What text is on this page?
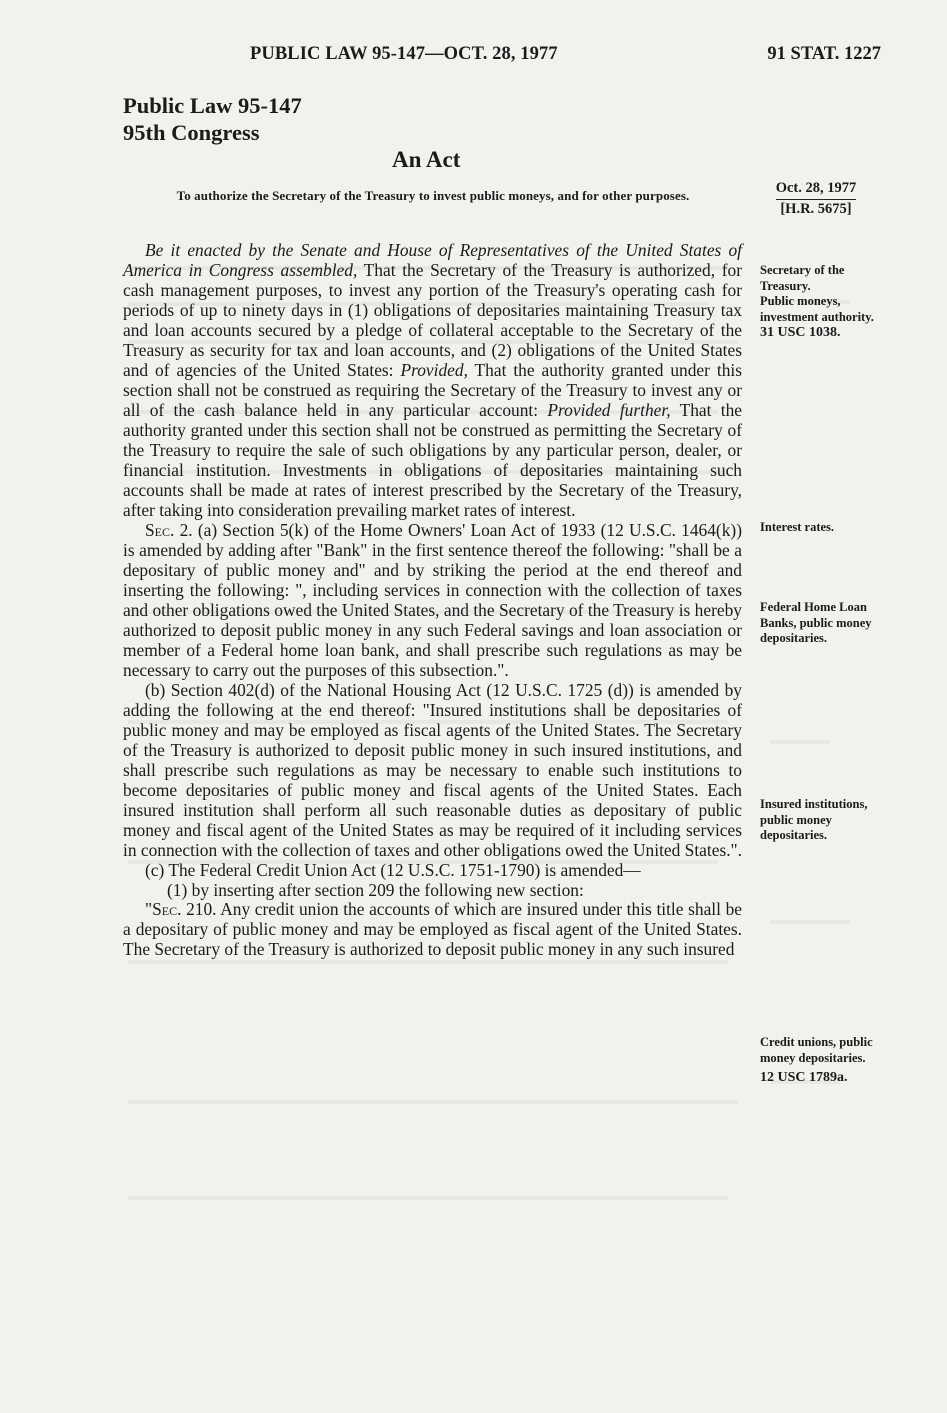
PUBLIC LAW 95-147—OCT. 28, 1977	91 STAT. 1227
Public Law 95-147
95th Congress
An Act
To authorize the Secretary of the Treasury to invest public moneys, and for other purposes.	Oct. 28, 1977
[H.R. 5675]

Be it enacted by the Senate and House of Representatives of the United States of America in Congress assembled, That the Secretary of the Treasury is authorized, for cash management purposes, to invest any portion of the Treasury's operating cash for periods of up to ninety days in (1) obligations of depositaries maintaining Treasury tax and loan accounts secured by a pledge of collateral acceptable to the Secretary of the Treasury as security for tax and loan accounts, and (2) obligations of the United States and of agencies of the United States: Provided, That the authority granted under this section shall not be construed as requiring the Secretary of the Treasury to invest any or all of the cash balance held in any particular account: Provided further, That the authority granted under this section shall not be construed as permitting the Secretary of the Treasury to require the sale of such obligations by any particular person, dealer, or financial institution. Investments in obligations of depositaries maintaining such accounts shall be made at rates of interest prescribed by the Secretary of the Treasury, after taking into consideration prevailing market rates of interest.

Sec. 2. (a) Section 5(k) of the Home Owners' Loan Act of 1933 (12 U.S.C. 1464(k)) is amended by adding after "Bank" in the first sentence thereof the following: "shall be a depositary of public money and" and by striking the period at the end thereof and inserting the following: ", including services in connection with the collection of taxes and other obligations owed the United States, and the Secretary of the Treasury is hereby authorized to deposit public money in any such Federal savings and loan association or member of a Federal home loan bank, and shall prescribe such regulations as may be necessary to carry out the purposes of this subsection.".

(b) Section 402(d) of the National Housing Act (12 U.S.C. 1725 (d)) is amended by adding the following at the end thereof: "Insured institutions shall be depositaries of public money and may be employed as fiscal agents of the United States. The Secretary of the Treasury is authorized to deposit public money in such insured institutions, and shall prescribe such regulations as may be necessary to enable such institutions to become depositaries of public money and fiscal agents of the United States. Each insured institution shall perform all such reasonable duties as depositary of public money and fiscal agent of the United States as may be required of it including services in connection with the collection of taxes and other obligations owed the United States.".

(c) The Federal Credit Union Act (12 U.S.C. 1751-1790) is amended—

(1) by inserting after section 209 the following new section:

"Sec. 210. Any credit union the accounts of which are insured under this title shall be a depositary of public money and may be employed as fiscal agent of the United States. The Secretary of the Treasury is authorized to deposit public money in any such insured

Secretary of the Treasury.
Public moneys, investment authority.
31 USC 1038.
Interest rates.
Federal Home Loan Banks, public money depositaries.
Insured institutions, public money depositaries.
Credit unions, public money depositaries.
12 USC 1789a.
